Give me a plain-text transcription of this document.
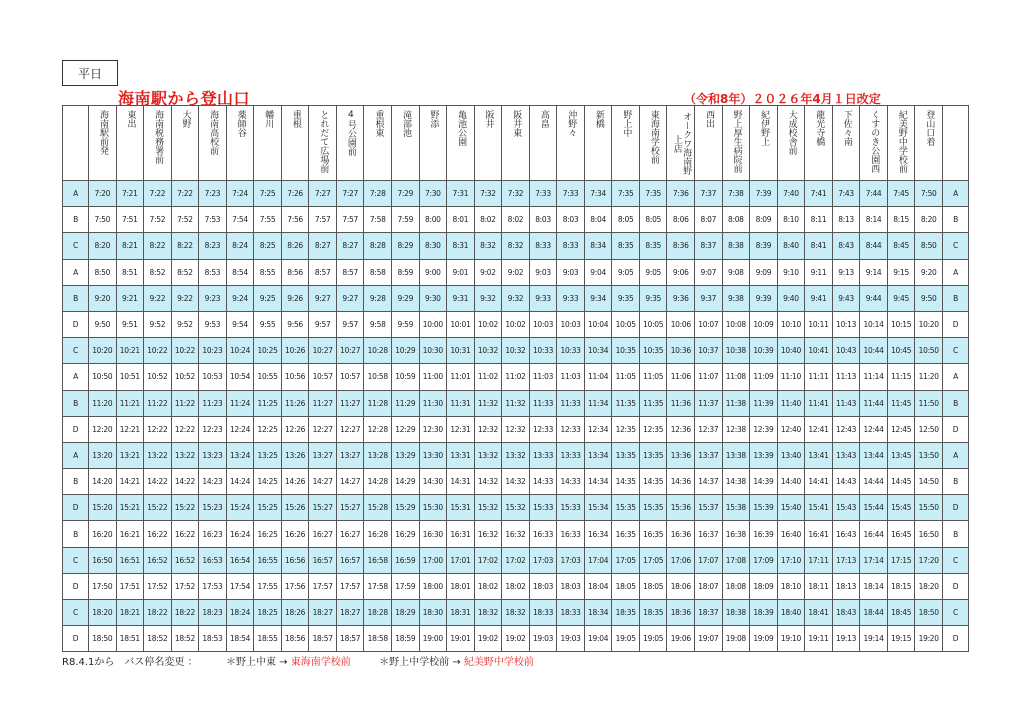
平日
海南駅から登山口	（令和8年）２０２６年4月１日改定
	海南駅前発	東出	海南税務署前	大野	海南高校前	薬師谷	幡川	重根	とれだて広場前	4号公園前	重根東	滝部池	野添	亀池公園	阪井	阪井東	高畠	沖野々	新橋	野上中	東海南学校前	オークワ海南野上店	西出	野上厚生病院前	紀伊野上	大成校舎前	龍光寺橋	下佐々南	くすのき公園西	紀美野中学校前	登山口着	
A	7:20	7:21	7:22	7:22	7:23	7:24	7:25	7:26	7:27	7:27	7:28	7:29	7:30	7:31	7:32	7:32	7:33	7:33	7:34	7:35	7:35	7:36	7:37	7:38	7:39	7:40	7:41	7:43	7:44	7:45	7:50	A
B	7:50	7:51	7:52	7:52	7:53	7:54	7:55	7:56	7:57	7:57	7:58	7:59	8:00	8:01	8:02	8:02	8:03	8:03	8:04	8:05	8:05	8:06	8:07	8:08	8:09	8:10	8:11	8:13	8:14	8:15	8:20	B
C	8:20	8:21	8:22	8:22	8:23	8:24	8:25	8:26	8:27	8:27	8:28	8:29	8:30	8:31	8:32	8:32	8:33	8:33	8:34	8:35	8:35	8:36	8:37	8:38	8:39	8:40	8:41	8:43	8:44	8:45	8:50	C
A	8:50	8:51	8:52	8:52	8:53	8:54	8:55	8:56	8:57	8:57	8:58	8:59	9:00	9:01	9:02	9:02	9:03	9:03	9:04	9:05	9:05	9:06	9:07	9:08	9:09	9:10	9:11	9:13	9:14	9:15	9:20	A
B	9:20	9:21	9:22	9:22	9:23	9:24	9:25	9:26	9:27	9:27	9:28	9:29	9:30	9:31	9:32	9:32	9:33	9:33	9:34	9:35	9:35	9:36	9:37	9:38	9:39	9:40	9:41	9:43	9:44	9:45	9:50	B
D	9:50	9:51	9:52	9:52	9:53	9:54	9:55	9:56	9:57	9:57	9:58	9:59	10:00	10:01	10:02	10:02	10:03	10:03	10:04	10:05	10:05	10:06	10:07	10:08	10:09	10:10	10:11	10:13	10:14	10:15	10:20	D
C	10:20	10:21	10:22	10:22	10:23	10:24	10:25	10:26	10:27	10:27	10:28	10:29	10:30	10:31	10:32	10:32	10:33	10:33	10:34	10:35	10:35	10:36	10:37	10:38	10:39	10:40	10:41	10:43	10:44	10:45	10:50	C
A	10:50	10:51	10:52	10:52	10:53	10:54	10:55	10:56	10:57	10:57	10:58	10:59	11:00	11:01	11:02	11:02	11:03	11:03	11:04	11:05	11:05	11:06	11:07	11:08	11:09	11:10	11:11	11:13	11:14	11:15	11:20	A
B	11:20	11:21	11:22	11:22	11:23	11:24	11:25	11:26	11:27	11:27	11:28	11:29	11:30	11:31	11:32	11:32	11:33	11:33	11:34	11:35	11:35	11:36	11:37	11:38	11:39	11:40	11:41	11:43	11:44	11:45	11:50	B
D	12:20	12:21	12:22	12:22	12:23	12:24	12:25	12:26	12:27	12:27	12:28	12:29	12:30	12:31	12:32	12:32	12:33	12:33	12:34	12:35	12:35	12:36	12:37	12:38	12:39	12:40	12:41	12:43	12:44	12:45	12:50	D
A	13:20	13:21	13:22	13:22	13:23	13:24	13:25	13:26	13:27	13:27	13:28	13:29	13:30	13:31	13:32	13:32	13:33	13:33	13:34	13:35	13:35	13:36	13:37	13:38	13:39	13:40	13:41	13:43	13:44	13:45	13:50	A
B	14:20	14:21	14:22	14:22	14:23	14:24	14:25	14:26	14:27	14:27	14:28	14:29	14:30	14:31	14:32	14:32	14:33	14:33	14:34	14:35	14:35	14:36	14:37	14:38	14:39	14:40	14:41	14:43	14:44	14:45	14:50	B
D	15:20	15:21	15:22	15:22	15:23	15:24	15:25	15:26	15:27	15:27	15:28	15:29	15:30	15:31	15:32	15:32	15:33	15:33	15:34	15:35	15:35	15:36	15:37	15:38	15:39	15:40	15:41	15:43	15:44	15:45	15:50	D
B	16:20	16:21	16:22	16:22	16:23	16:24	16:25	16:26	16:27	16:27	16:28	16:29	16:30	16:31	16:32	16:32	16:33	16:33	16:34	16:35	16:35	16:36	16:37	16:38	16:39	16:40	16:41	16:43	16:44	16:45	16:50	B
C	16:50	16:51	16:52	16:52	16:53	16:54	16:55	16:56	16:57	16:57	16:58	16:59	17:00	17:01	17:02	17:02	17:03	17:03	17:04	17:05	17:05	17:06	17:07	17:08	17:09	17:10	17:11	17:13	17:14	17:15	17:20	C
D	17:50	17:51	17:52	17:52	17:53	17:54	17:55	17:56	17:57	17:57	17:58	17:59	18:00	18:01	18:02	18:02	18:03	18:03	18:04	18:05	18:05	18:06	18:07	18:08	18:09	18:10	18:11	18:13	18:14	18:15	18:20	D
C	18:20	18:21	18:22	18:22	18:23	18:24	18:25	18:26	18:27	18:27	18:28	18:29	18:30	18:31	18:32	18:32	18:33	18:33	18:34	18:35	18:35	18:36	18:37	18:38	18:39	18:40	18:41	18:43	18:44	18:45	18:50	C
D	18:50	18:51	18:52	18:52	18:53	18:54	18:55	18:56	18:57	18:57	18:58	18:59	19:00	19:01	19:02	19:02	19:03	19:03	19:04	19:05	19:05	19:06	19:07	19:08	19:09	19:10	19:11	19:13	19:14	19:15	19:20	D
R8.4.1から　バス停名変更 ：	＊野上中東 → 東海南学校前	＊野上中学校前 → 紀美野中学校前
